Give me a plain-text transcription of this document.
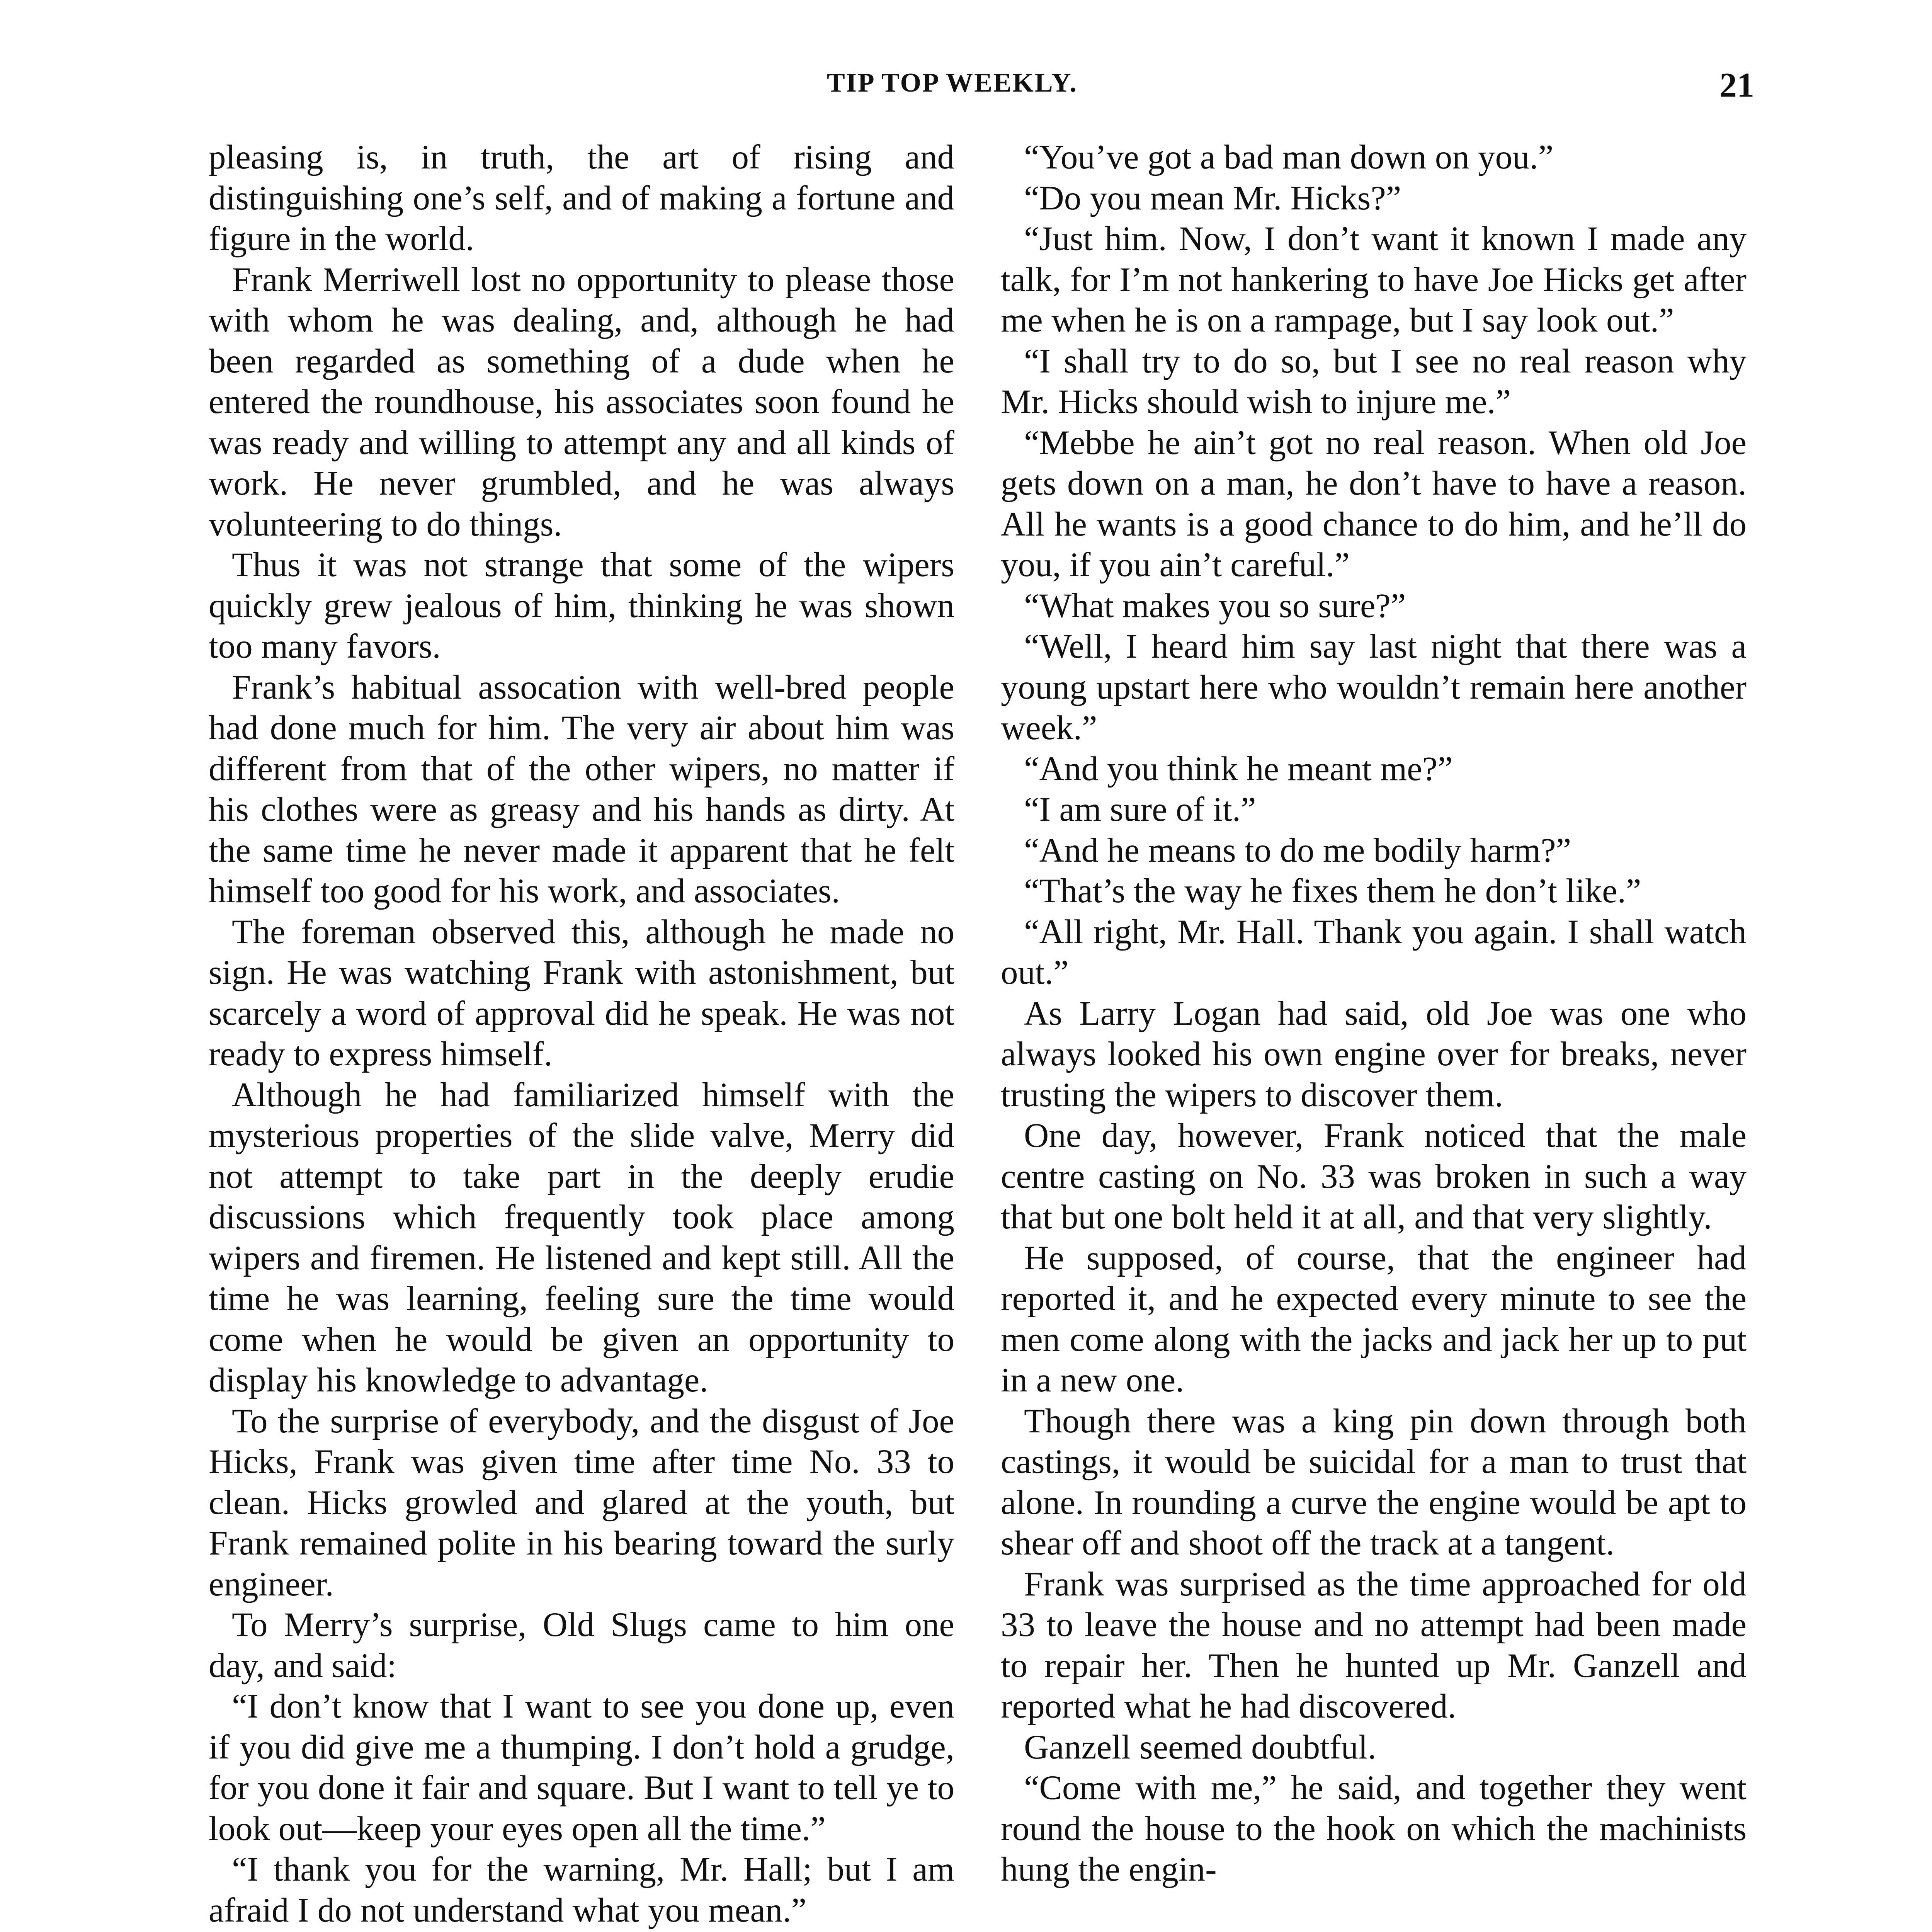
TIP TOP WEEKLY.	21

pleasing is, in truth, the art of rising and distinguishing one’s self, and of making a fortune and figure in the world.

Frank Merriwell lost no opportunity to please those with whom he was dealing, and, although he had been regarded as something of a dude when he entered the roundhouse, his associates soon found he was ready and willing to attempt any and all kinds of work. He never grumbled, and he was always volunteering to do things.

Thus it was not strange that some of the wipers quickly grew jealous of him, thinking he was shown too many favors.

Frank’s habitual assocation with well-bred people had done much for him. The very air about him was different from that of the other wipers, no matter if his clothes were as greasy and his hands as dirty. At the same time he never made it apparent that he felt himself too good for his work, and associates.

The foreman observed this, although he made no sign. He was watching Frank with astonishment, but scarcely a word of approval did he speak. He was not ready to express himself.

Although he had familiarized himself with the mysterious properties of the slide valve, Merry did not attempt to take part in the deeply erudie discussions which frequently took place among wipers and firemen. He listened and kept still. All the time he was learning, feeling sure the time would come when he would be given an opportunity to display his knowledge to advantage.

To the surprise of everybody, and the disgust of Joe Hicks, Frank was given time after time No. 33 to clean. Hicks growled and glared at the youth, but Frank remained polite in his bearing toward the surly engineer.

To Merry’s surprise, Old Slugs came to him one day, and said:

“I don’t know that I want to see you done up, even if you did give me a thumping. I don’t hold a grudge, for you done it fair and square. But I want to tell ye to look out—keep your eyes open all the time.”

“I thank you for the warning, Mr. Hall; but I am afraid I do not understand what you mean.”

“You’ve got a bad man down on you.”

“Do you mean Mr. Hicks?”

“Just him. Now, I don’t want it known I made any talk, for I’m not hankering to have Joe Hicks get after me when he is on a rampage, but I say look out.”

“I shall try to do so, but I see no real reason why Mr. Hicks should wish to injure me.”

“Mebbe he ain’t got no real reason. When old Joe gets down on a man, he don’t have to have a reason. All he wants is a good chance to do him, and he’ll do you, if you ain’t careful.”

“What makes you so sure?”

“Well, I heard him say last night that there was a young upstart here who wouldn’t remain here another week.”

“And you think he meant me?”

“I am sure of it.”

“And he means to do me bodily harm?”

“That’s the way he fixes them he don’t like.”

“All right, Mr. Hall. Thank you again. I shall watch out.”

As Larry Logan had said, old Joe was one who always looked his own engine over for breaks, never trusting the wipers to discover them.

One day, however, Frank noticed that the male centre casting on No. 33 was broken in such a way that but one bolt held it at all, and that very slightly.

He supposed, of course, that the engineer had reported it, and he expected every minute to see the men come along with the jacks and jack her up to put in a new one.

Though there was a king pin down through both castings, it would be suicidal for a man to trust that alone. In rounding a curve the engine would be apt to shear off and shoot off the track at a tangent.

Frank was surprised as the time approached for old 33 to leave the house and no attempt had been made to repair her. Then he hunted up Mr. Ganzell and reported what he had discovered.

Ganzell seemed doubtful.

“Come with me,” he said, and together they went round the house to the hook on which the machinists hung the engin-
